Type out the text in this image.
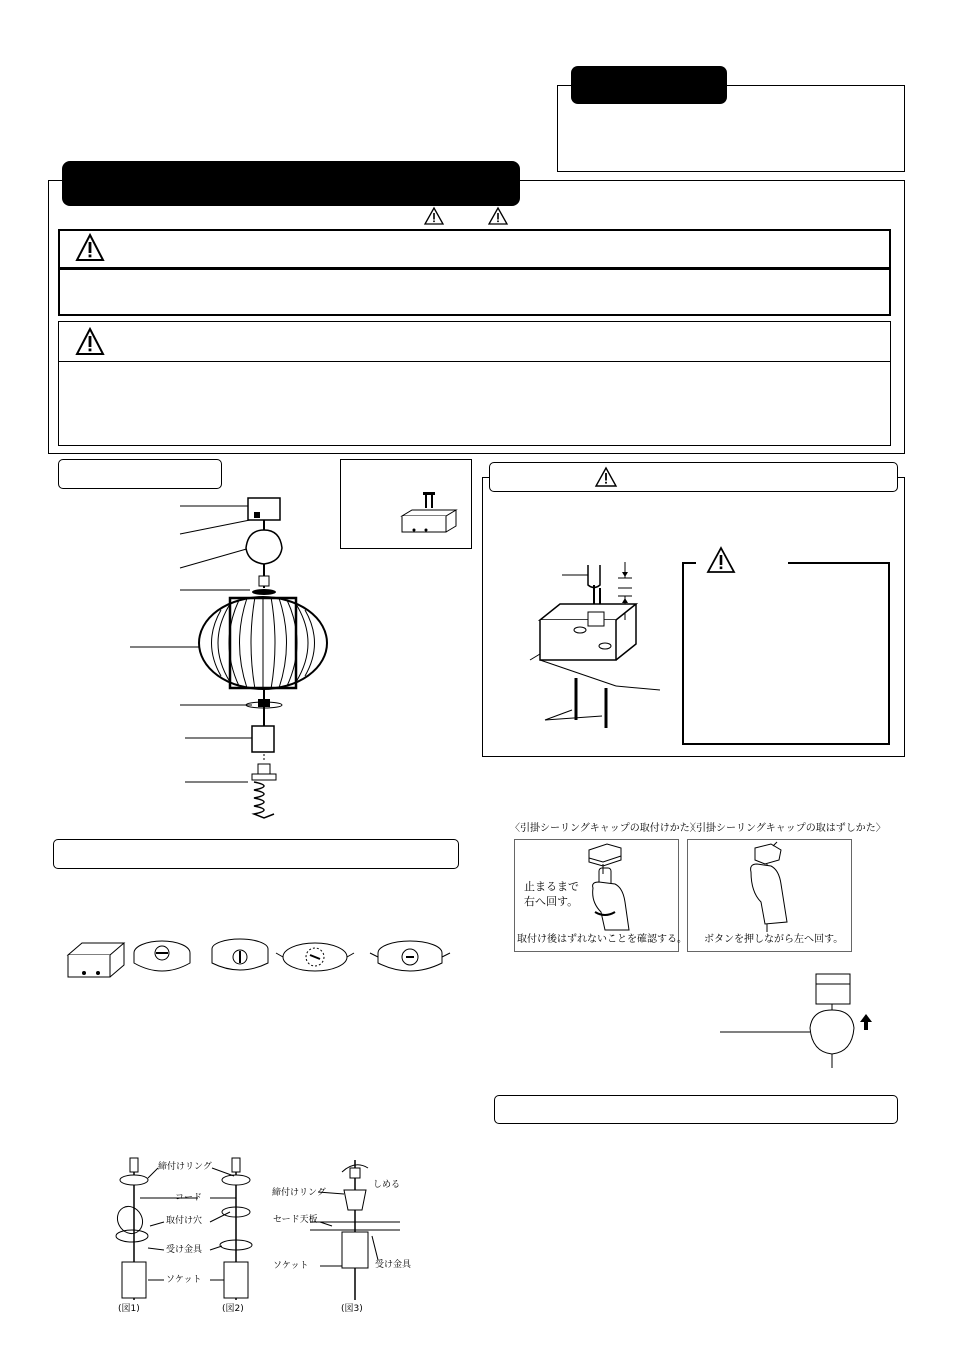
〈引掛シーリングキャップの取付けかた〉
〈引掛シーリングキャップの取はずしかた〉
止まるまで
右へ回す。
取付け後はずれないことを確認する。 ボタンを押しながら左へ回す。
締付けリング
コード
取付け穴
受け金具
ソケット
締付けリング
しめる
セード天板
ソケット	受け金具
(図1)	(図2)	(図3)
